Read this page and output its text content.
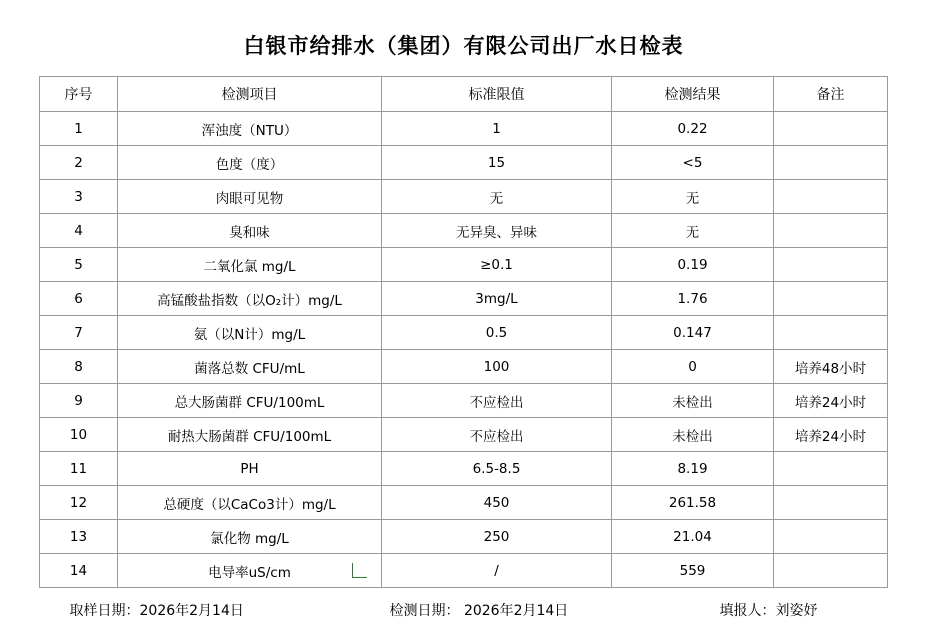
白银市给排水（集团）有限公司出厂水日检表
序号	检测项目	标准限值	检测结果	备注
1	浑浊度（NTU）	1	0.22	
2	色度（度）	15	<5	
3	肉眼可见物	无	无	
4	臭和味	无异臭、异味	无	
5	二氧化氯 mg/L	≥0.1	0.19	
6	高锰酸盐指数（以O₂计）mg/L	3mg/L	1.76	
7	氨（以N计）mg/L	0.5	0.147	
8	菌落总数 CFU/mL	100	0	培养48小时
9	总大肠菌群 CFU/100mL	不应检出	未检出	培养24小时
10	耐热大肠菌群 CFU/100mL	不应检出	未检出	培养24小时
11	PH	6.5-8.5	8.19	
12	总硬度（以CaCo3计）mg/L	450	261.58	
13	氯化物 mg/L	250	21.04	
14	电导率uS/cm	/	559	
取样日期：2026年2月14日	检测日期： 2026年2月14日	填报人：刘姿妤
